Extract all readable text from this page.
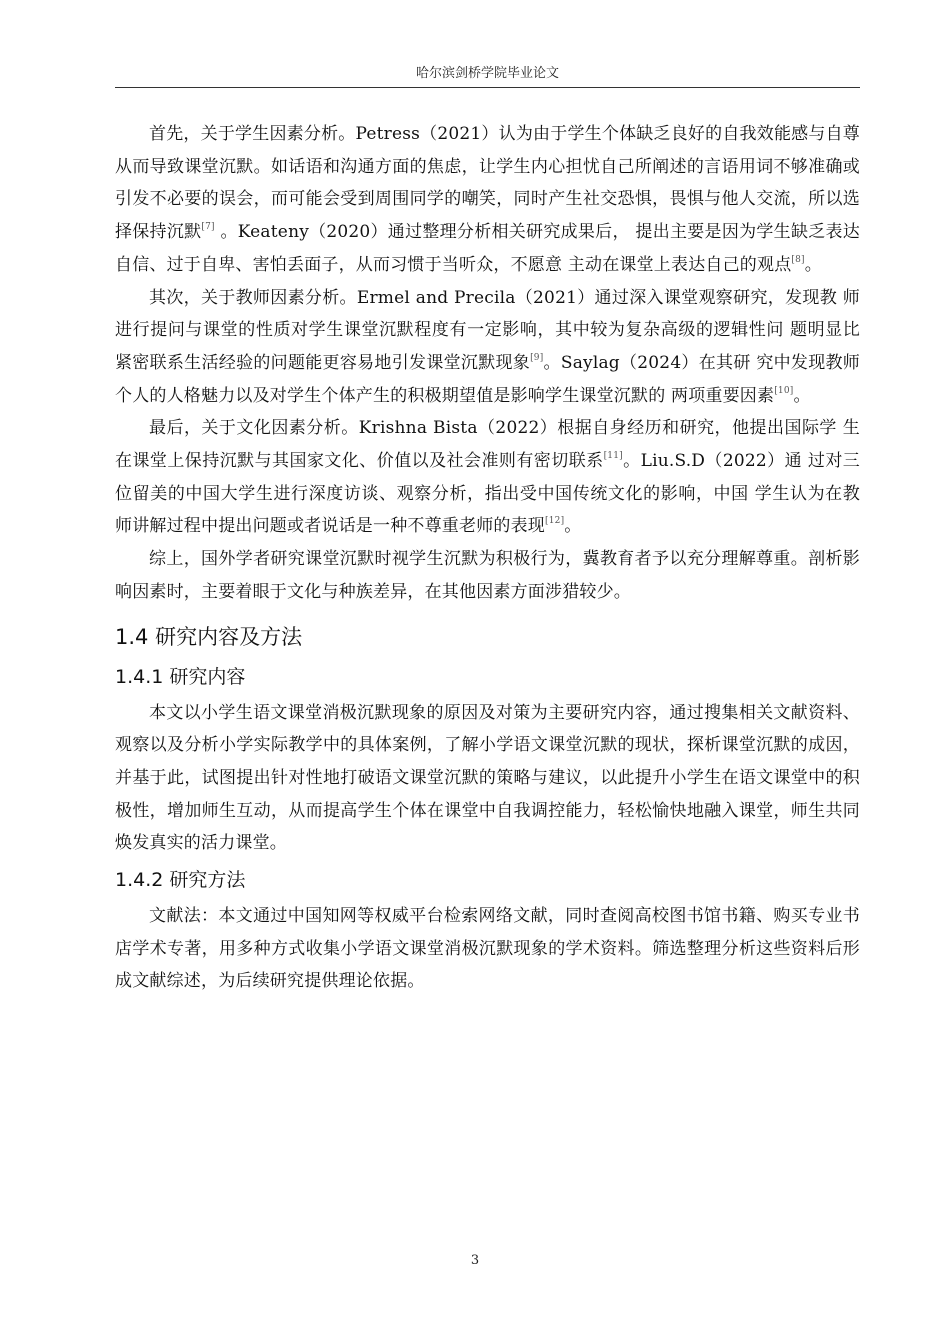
哈尔滨剑桥学院毕业论文

首先，关于学生因素分析。Petress（2021）认为由于学生个体缺乏良好的自我效能感与自尊从而导致课堂沉默。如话语和沟通方面的焦虑，让学生内心担忧自己所阐述的言语用词不够准确或引发不必要的误会，而可能会受到周围同学的嘲笑，同时产生社交恐惧，畏惧与他人交流，所以选择保持沉默[7] 。Keateny（2020）通过整理分析相关研究成果后， 提出主要是因为学生缺乏表达自信、过于自卑、害怕丢面子，从而习惯于当听众，不愿意 主动在课堂上表达自己的观点[8]。

其次，关于教师因素分析。Ermel and Precila（2021）通过深入课堂观察研究，发现教 师进行提问与课堂的性质对学生课堂沉默程度有一定影响，其中较为复杂高级的逻辑性问 题明显比紧密联系生活经验的问题能更容易地引发课堂沉默现象[9]。Saylag（2024）在其研 究中发现教师个人的人格魅力以及对学生个体产生的积极期望值是影响学生课堂沉默的 两项重要因素[10]。

最后，关于文化因素分析。Krishna Bista（2022）根据自身经历和研究，他提出国际学 生在课堂上保持沉默与其国家文化、价值以及社会准则有密切联系[11]。Liu.S.D（2022）通 过对三位留美的中国大学生进行深度访谈、观察分析，指出受中国传统文化的影响，中国 学生认为在教师讲解过程中提出问题或者说话是一种不尊重老师的表现[12]。

综上，国外学者研究课堂沉默时视学生沉默为积极行为，冀教育者予以充分理解尊重。剖析影响因素时，主要着眼于文化与种族差异，在其他因素方面涉猎较少。

1.4 研究内容及方法
1.4.1 研究内容

本文以小学生语文课堂消极沉默现象的原因及对策为主要研究内容，通过搜集相关文献资料、观察以及分析小学实际教学中的具体案例，了解小学语文课堂沉默的现状，探析课堂沉默的成因，并基于此，试图提出针对性地打破语文课堂沉默的策略与建议，以此提升小学生在语文课堂中的积极性，增加师生互动，从而提高学生个体在课堂中自我调控能力，轻松愉快地融入课堂，师生共同焕发真实的活力课堂。

1.4.2 研究方法

文献法：本文通过中国知网等权威平台检索网络文献，同时查阅高校图书馆书籍、购买专业书店学术专著，用多种方式收集小学语文课堂消极沉默现象的学术资料。筛选整理分析这些资料后形成文献综述，为后续研究提供理论依据。

3
